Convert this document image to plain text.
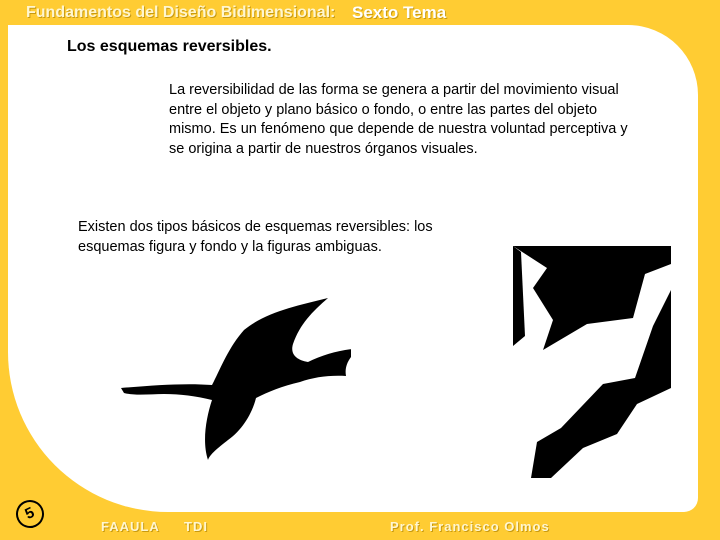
Fundamentos del Diseño Bidimensional: Sexto Tema
Los esquemas reversibles.
La reversibilidad de las forma se genera a partir del movimiento visual entre el objeto y plano básico o fondo, o entre las partes del objeto mismo. Es un fenómeno que depende de nuestra voluntad perceptiva y se origina a partir de nuestros órganos visuales.
Existen dos tipos básicos de esquemas reversibles: los esquemas figura y fondo y la figuras ambiguas.
5
FAAULA TDI	Prof. Francisco Olmos
